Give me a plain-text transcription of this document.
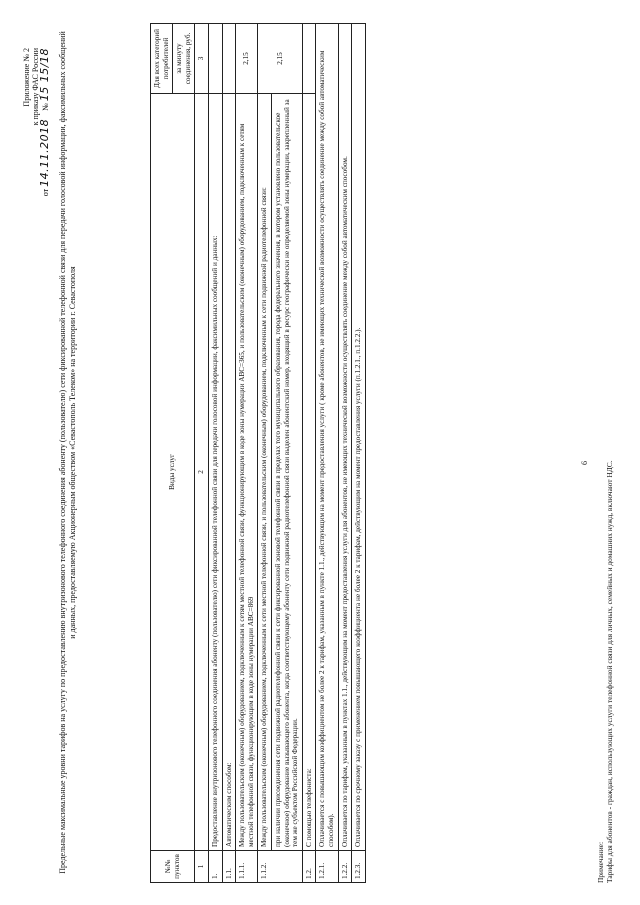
Приложение № 2 к приказу ФАС России
от 14.11.2018    № 15 15/18 Предельные максимальные уровни тарифов на услугу по предоставлению внутризонового телефонного соединения абоненту (пользователю) сети фиксированной телефонной связи для передачи голосовой информации, факсимильных сообщений и данных, предоставляемую Акционерным обществом «Севастополь Телеком» на территории г. Севастополя
№№ пунктов	Виды услуг	Для всех категорий потребителей
		за минуту соединения, руб.
1	2	3
1.	Предоставление внутризонового телефонного соединения абоненту (пользователю) сети фиксированной телефонной связи для передачи голосовой информации, факсимильных сообщений и данных:	
1.1.	Автоматическим способом:	
1.1.1.	Между пользовательским (оконечным) оборудованием, подключенным к сетям местной телефонной связи, функционирующим в коде зоны нумерации АВС=365, и пользовательским (оконечным) оборудованием, подключенным к сетям местной телефонной связи, функционирующим в коде зоны нумерации АВС=869	2,15
1.1.2.	Между пользовательским (оконечным) оборудованием, подключенным к сети местной телефонной связи, и пользовательским (оконечным) оборудованием, подключенным к сети подвижной радиотелефонной связи: при наличии присоединения сети подвижной радиотелефонной связи к сети фиксированной зоновой телефонной связи в пределах того муниципального образования, города федерального значения, в котором установлено пользовательское (оконечное) оборудование вызывающего абонента, когда соответствующему абоненту сети подвижной радиотелефонной связи выделен абонентский номер, входящий в ресурс географически не определяемой зоны нумерации, закрепленный за тем же субъектом Российской Федерации.	2,15
1.2.	С помощью телефониста:	
1.2.1.	Оплачивается с повышающим коэффициентом не более 2 к тарифам, указанным в пункте 1.1., действующим на момент предоставления услуги ( кроме абонентов, не имеющих технической возможности осуществлять соединение между собой автоматическим способом).	
1.2.2.	Оплачивается по тарифам, указанным в пунктах 1.1., действующим на момент предоставления услуги для абонентов, не имеющих технической возможности осуществлять соединение между собой автоматическим способом.	
1.2.3.	Оплачивается по срочному заказу с применением повышающего коэффициента не более 2 к тарифам, действующим на момент предоставления услуги (п.1.2.1., п.1.2.2.).		6
Примечание: Тарифы для абонентов - граждан, использующих услуги телефонной связи для личных, семейных и домашних нужд, включают НДС.
